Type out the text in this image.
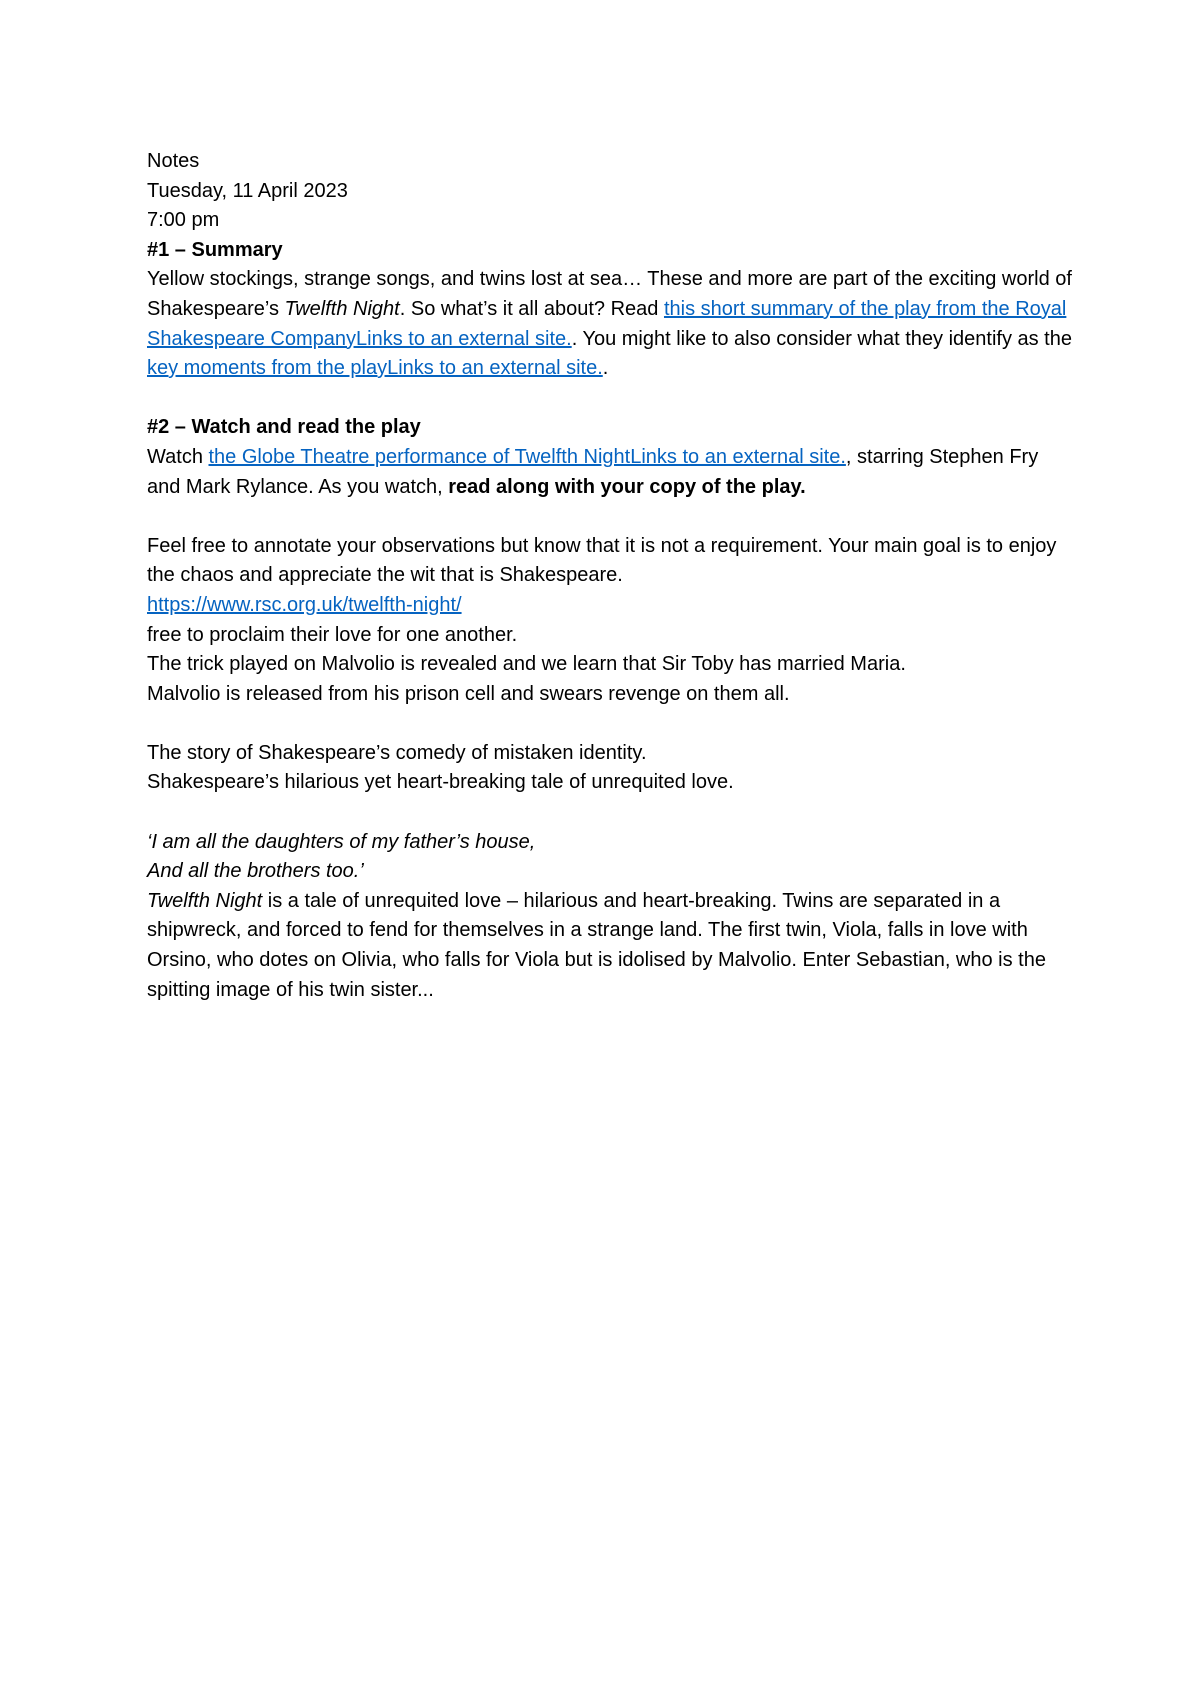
Notes
Tuesday, 11 April 2023
7:00 pm
#1 – Summary
Yellow stockings, strange songs, and twins lost at sea… These and more are part of the exciting world of Shakespeare’s Twelfth Night. So what’s it all about? Read this short summary of the play from the Royal Shakespeare CompanyLinks to an external site.. You might like to also consider what they identify as the key moments from the playLinks to an external site..
#2 – Watch and read the play
Watch the Globe Theatre performance of Twelfth NightLinks to an external site., starring Stephen Fry and Mark Rylance. As you watch, read along with your copy of the play.
Feel free to annotate your observations but know that it is not a requirement. Your main goal is to enjoy the chaos and appreciate the wit that is Shakespeare.
https://www.rsc.org.uk/twelfth-night/
free to proclaim their love for one another.
The trick played on Malvolio is revealed and we learn that Sir Toby has married Maria.
Malvolio is released from his prison cell and swears revenge on them all.
The story of Shakespeare’s comedy of mistaken identity.
Shakespeare’s hilarious yet heart-breaking tale of unrequited love.
‘I am all the daughters of my father’s house,
And all the brothers too.’
Twelfth Night is a tale of unrequited love – hilarious and heart-breaking. Twins are separated in a shipwreck, and forced to fend for themselves in a strange land. The first twin, Viola, falls in love with Orsino, who dotes on Olivia, who falls for Viola but is idolised by Malvolio. Enter Sebastian, who is the spitting image of his twin sister...
